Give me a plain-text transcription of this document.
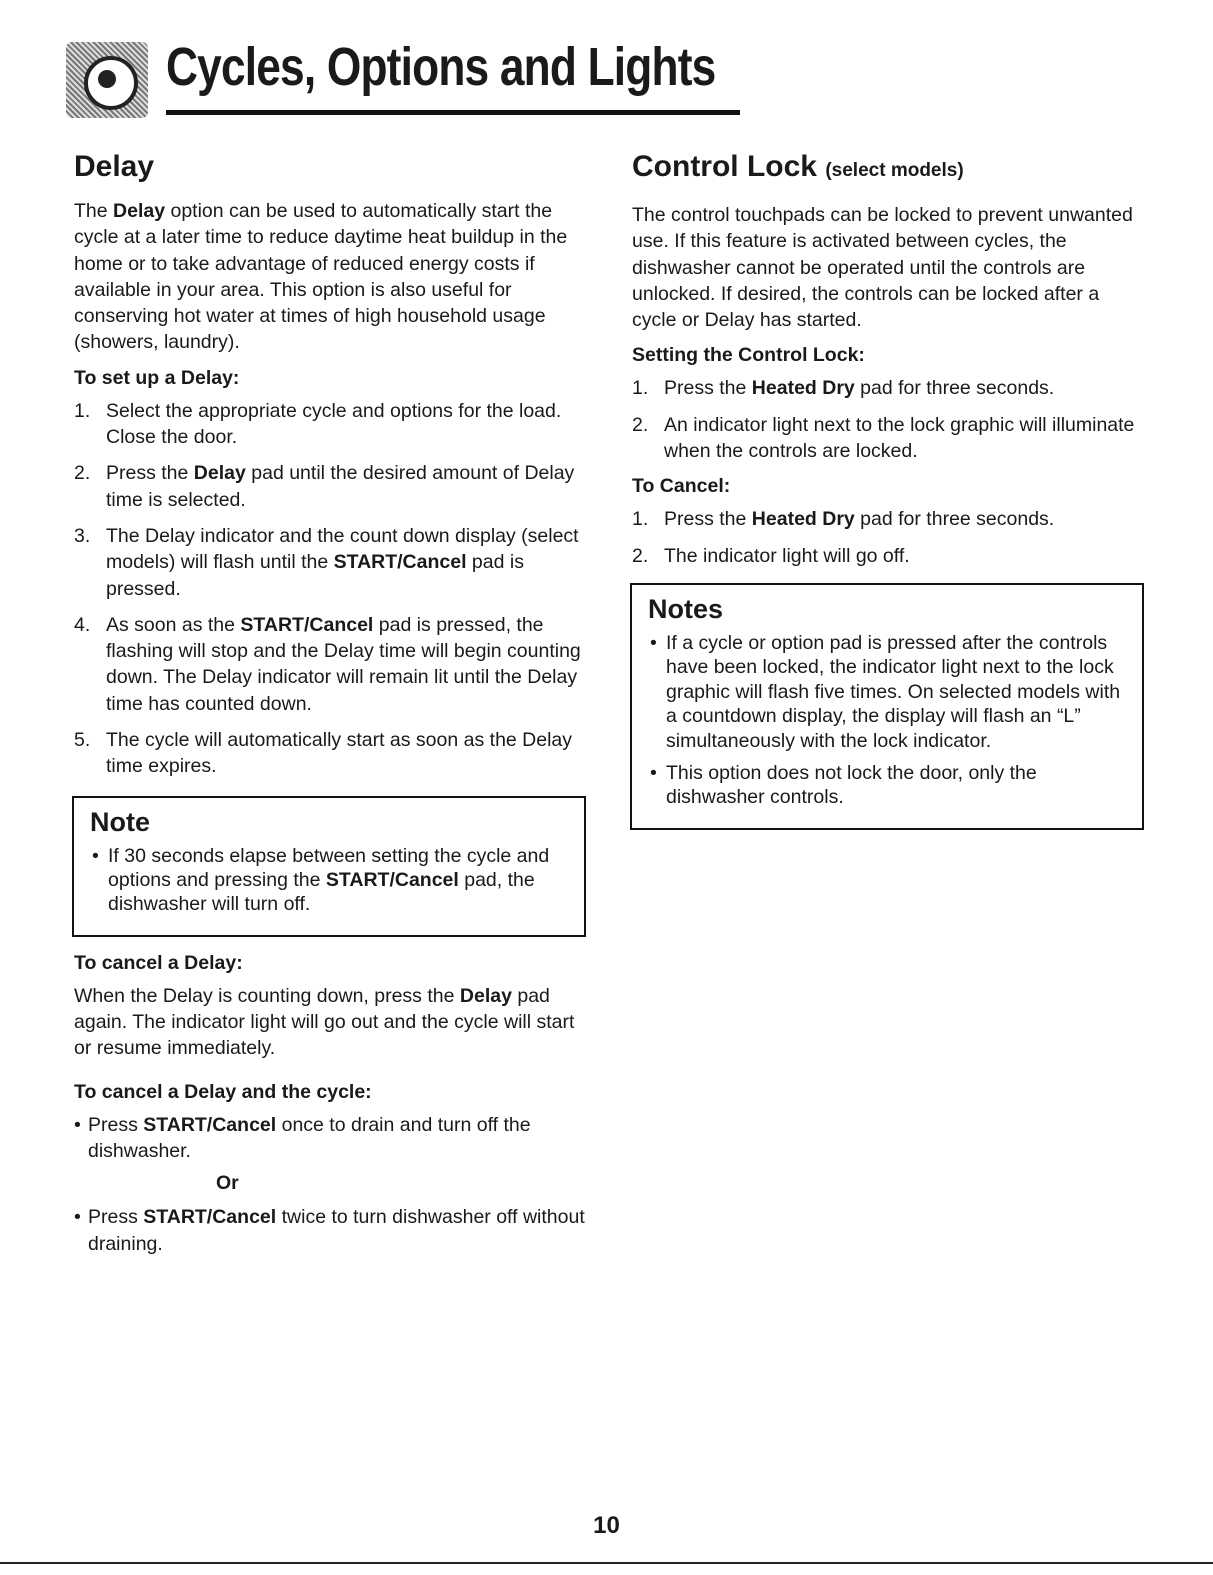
Cycles, Options and Lights
Delay

The Delay option can be used to automatically start the cycle at a later time to reduce daytime heat buildup in the home or to take advantage of reduced energy costs if available in your area. This option is also useful for conserving hot water at times of high household usage (showers, laundry).

To set up a Delay:
1. Select the appropriate cycle and options for the load. Close the door.
2. Press the Delay pad until the desired amount of Delay time is selected.
3. The Delay indicator and the count down display (select models) will flash until the START/Cancel pad is pressed.
4. As soon as the START/Cancel pad is pressed, the flashing will stop and the Delay time will begin counting down. The Delay indicator will remain lit until the Delay time has counted down.
5. The cycle will automatically start as soon as the Delay time expires.
Note
• If 30 seconds elapse between setting the cycle and options and pressing the START/Cancel pad, the dishwasher will turn off.
To cancel a Delay:

When the Delay is counting down, press the Delay pad again. The indicator light will go out and the cycle will start or resume immediately.

To cancel a Delay and the cycle:

• Press START/Cancel once to drain and turn off the dishwasher.

Or

• Press START/Cancel twice to turn dishwasher off without draining.

Control Lock (select models)

The control touchpads can be locked to prevent unwanted use. If this feature is activated between cycles, the dishwasher cannot be operated until the controls are unlocked. If desired, the controls can be locked after a cycle or Delay has started.

Setting the Control Lock:
1. Press the Heated Dry pad for three seconds.
2. An indicator light next to the lock graphic will illuminate when the controls are locked.
To Cancel:
1. Press the Heated Dry pad for three seconds.
2. The indicator light will go off.
Notes
• If a cycle or option pad is pressed after the controls have been locked, the indicator light next to the lock graphic will flash five times. On selected models with a countdown display, the display will flash an “L” simultaneously with the lock indicator.
• This option does not lock the door, only the dishwasher controls.
10
